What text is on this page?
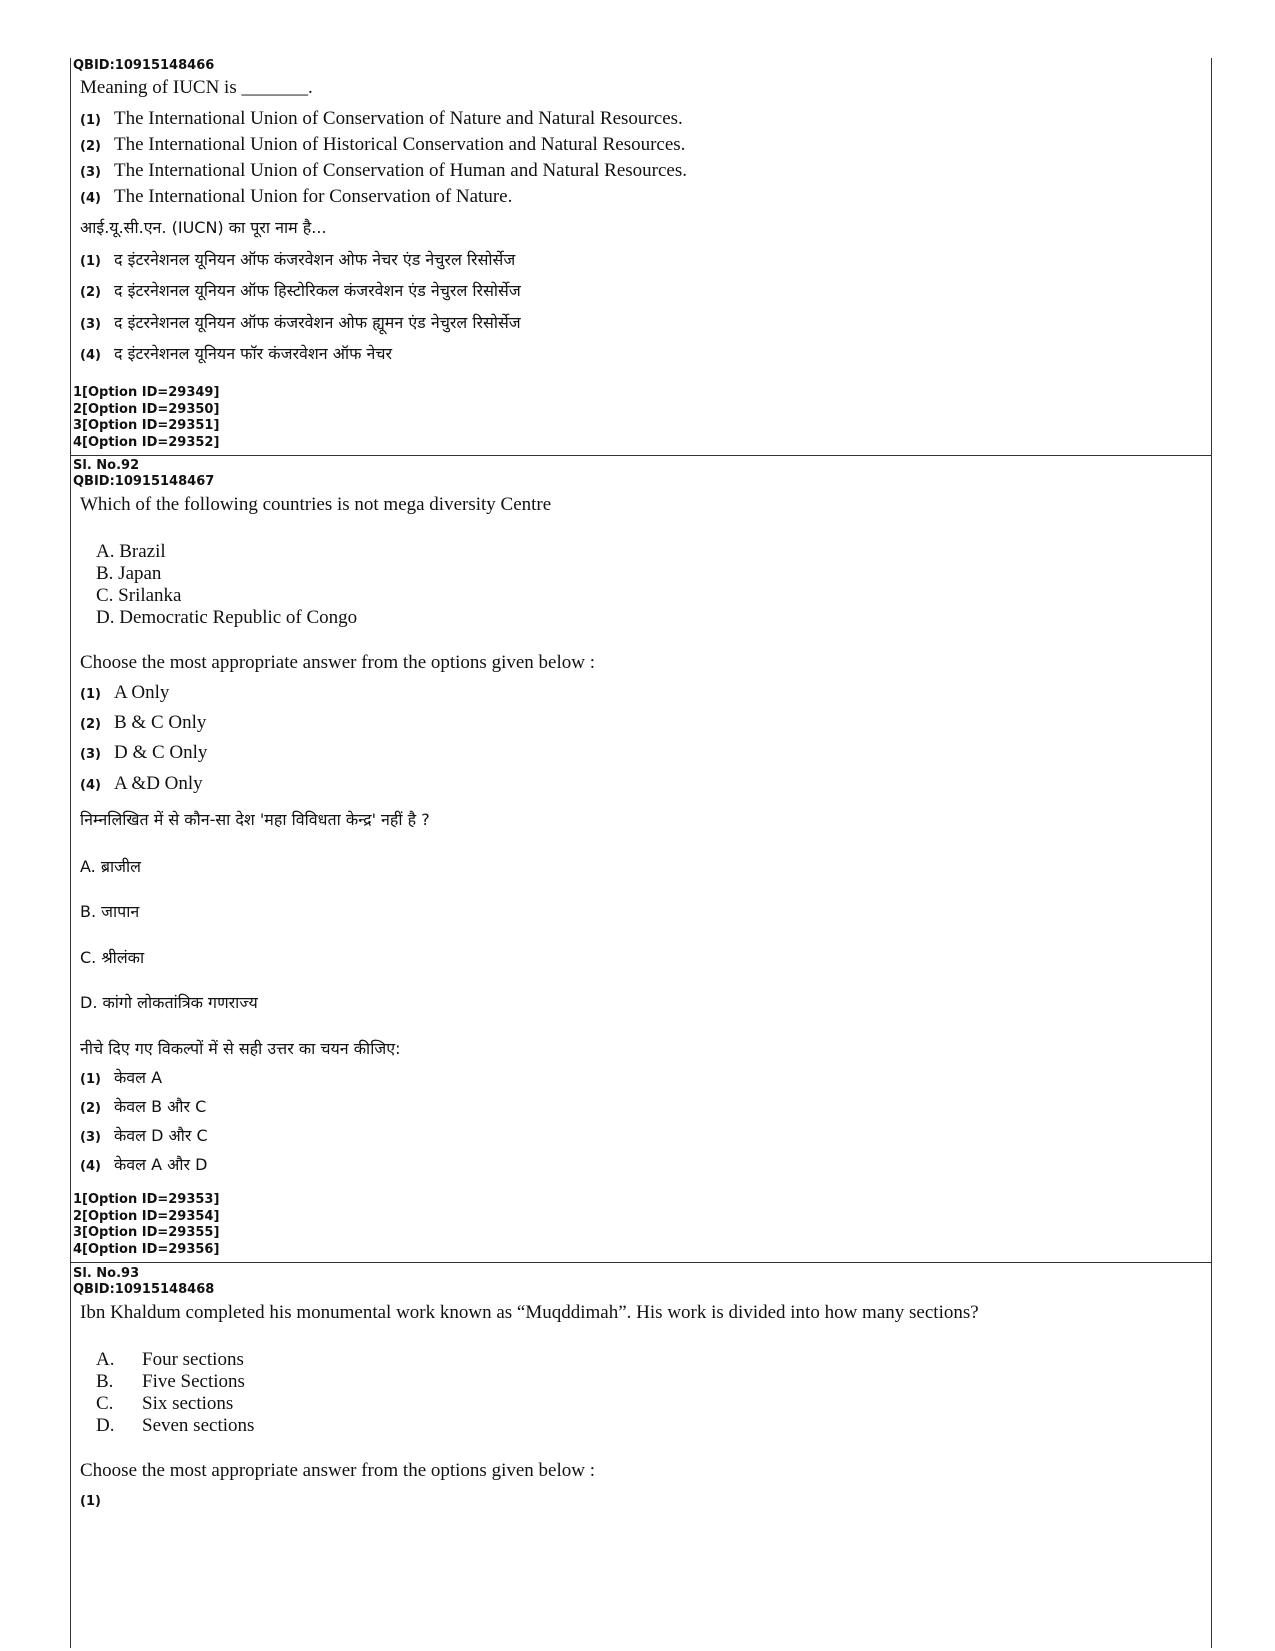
QBID:10915148466
Meaning of IUCN is _______.
(1) The International Union of Conservation of Nature and Natural Resources.
(2) The International Union of Historical Conservation and Natural Resources.
(3) The International Union of Conservation of Human and Natural Resources.
(4) The International Union for Conservation of Nature.
आई.यू.सी.एन. (IUCN) का पूरा नाम है...
(1) द इंटरनेशनल यूनियन ऑफ कंजरवेशन ओफ नेचर एंड नेचुरल रिसोर्सेज
(2) द इंटरनेशनल यूनियन ऑफ हिस्टोरिकल कंजरवेशन एंड नेचुरल रिसोर्सेज
(3) द इंटरनेशनल यूनियन ऑफ कंजरवेशन ओफ ह्यूमन एंड नेचुरल रिसोर्सेज
(4) द इंटरनेशनल यूनियन फॉर कंजरवेशन ऑफ नेचर
1[Option ID=29349]
2[Option ID=29350]
3[Option ID=29351]
4[Option ID=29352]
Sl. No.92
QBID:10915148467
Which of the following countries is not mega diversity Centre
A. Brazil
B. Japan
C. Srilanka
D. Democratic Republic of Congo
Choose the most appropriate answer from the options given below :
(1) A Only
(2) B & C Only
(3) D & C Only
(4) A &D Only
निम्नलिखित में से कौन-सा देश 'महा विविधता केन्द्र' नहीं है ?
A. ब्राजील
B. जापान
C. श्रीलंका
D. कांगो लोकतांत्रिक गणराज्य
नीचे दिए गए विकल्पों में से सही उत्तर का चयन कीजिए:
(1) केवल A
(2) केवल B और C
(3) केवल D और C
(4) केवल A और D
1[Option ID=29353]
2[Option ID=29354]
3[Option ID=29355]
4[Option ID=29356]
Sl. No.93
QBID:10915148468
Ibn Khaldum completed his monumental work known as “Muqddimah”. His work is divided into how many sections?
A. Four sections
B. Five Sections
C. Six sections
D. Seven sections
Choose the most appropriate answer from the options given below :
(1)
